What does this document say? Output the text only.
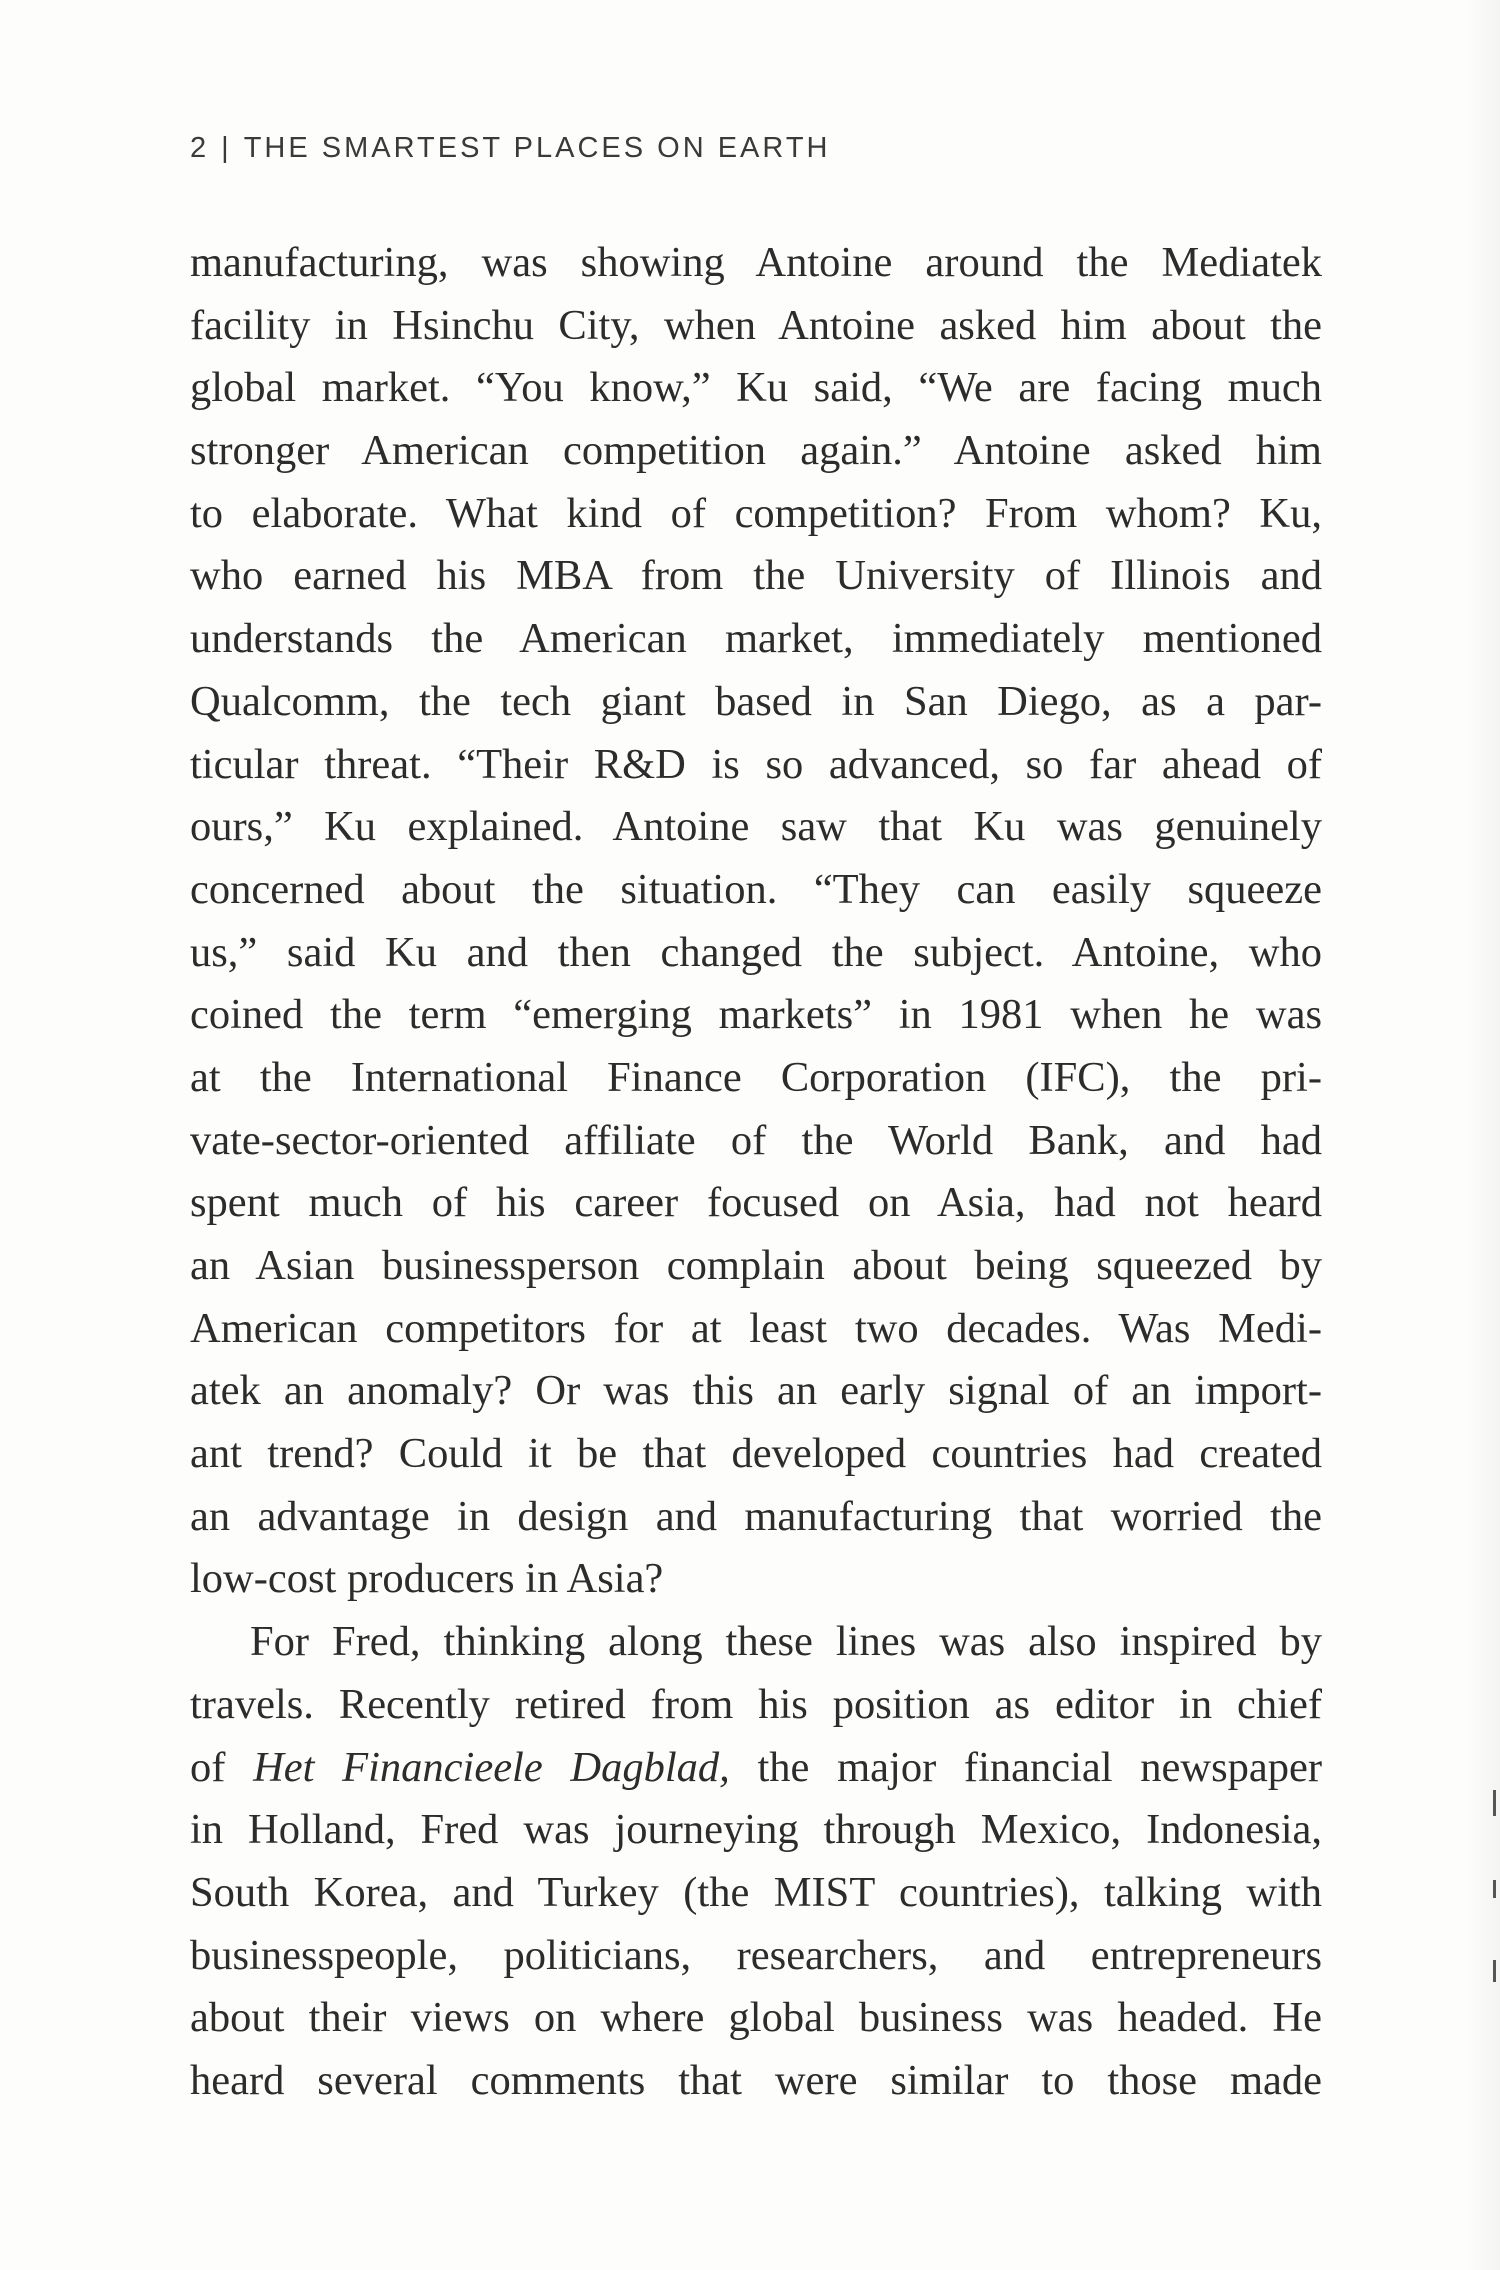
2 | THE SMARTEST PLACES ON EARTH
manufacturing, was showing Antoine around the Mediatek
facility in Hsinchu City, when Antoine asked him about the
global market. “You know,” Ku said, “We are facing much
stronger American competition again.” Antoine asked him
to elaborate. What kind of competition? From whom? Ku,
who earned his MBA from the University of Illinois and
understands the American market, immediately mentioned
Qualcomm, the tech giant based in San Diego, as a par-
ticular threat. “Their R&D is so advanced, so far ahead of
ours,” Ku explained. Antoine saw that Ku was genuinely
concerned about the situation. “They can easily squeeze
us,” said Ku and then changed the subject. Antoine, who
coined the term “emerging markets” in 1981 when he was
at the International Finance Corporation (IFC), the pri-
vate-sector-oriented affiliate of the World Bank, and had
spent much of his career focused on Asia, had not heard
an Asian businessperson complain about being squeezed by
American competitors for at least two decades. Was Medi-
atek an anomaly? Or was this an early signal of an import-
ant trend? Could it be that developed countries had created
an advantage in design and manufacturing that worried the
low-cost producers in Asia?
For Fred, thinking along these lines was also inspired by
travels. Recently retired from his position as editor in chief
of Het Financieele Dagblad, the major financial newspaper
in Holland, Fred was journeying through Mexico, Indonesia,
South Korea, and Turkey (the MIST countries), talking with
businesspeople, politicians, researchers, and entrepreneurs
about their views on where global business was headed. He
heard several comments that were similar to those made
